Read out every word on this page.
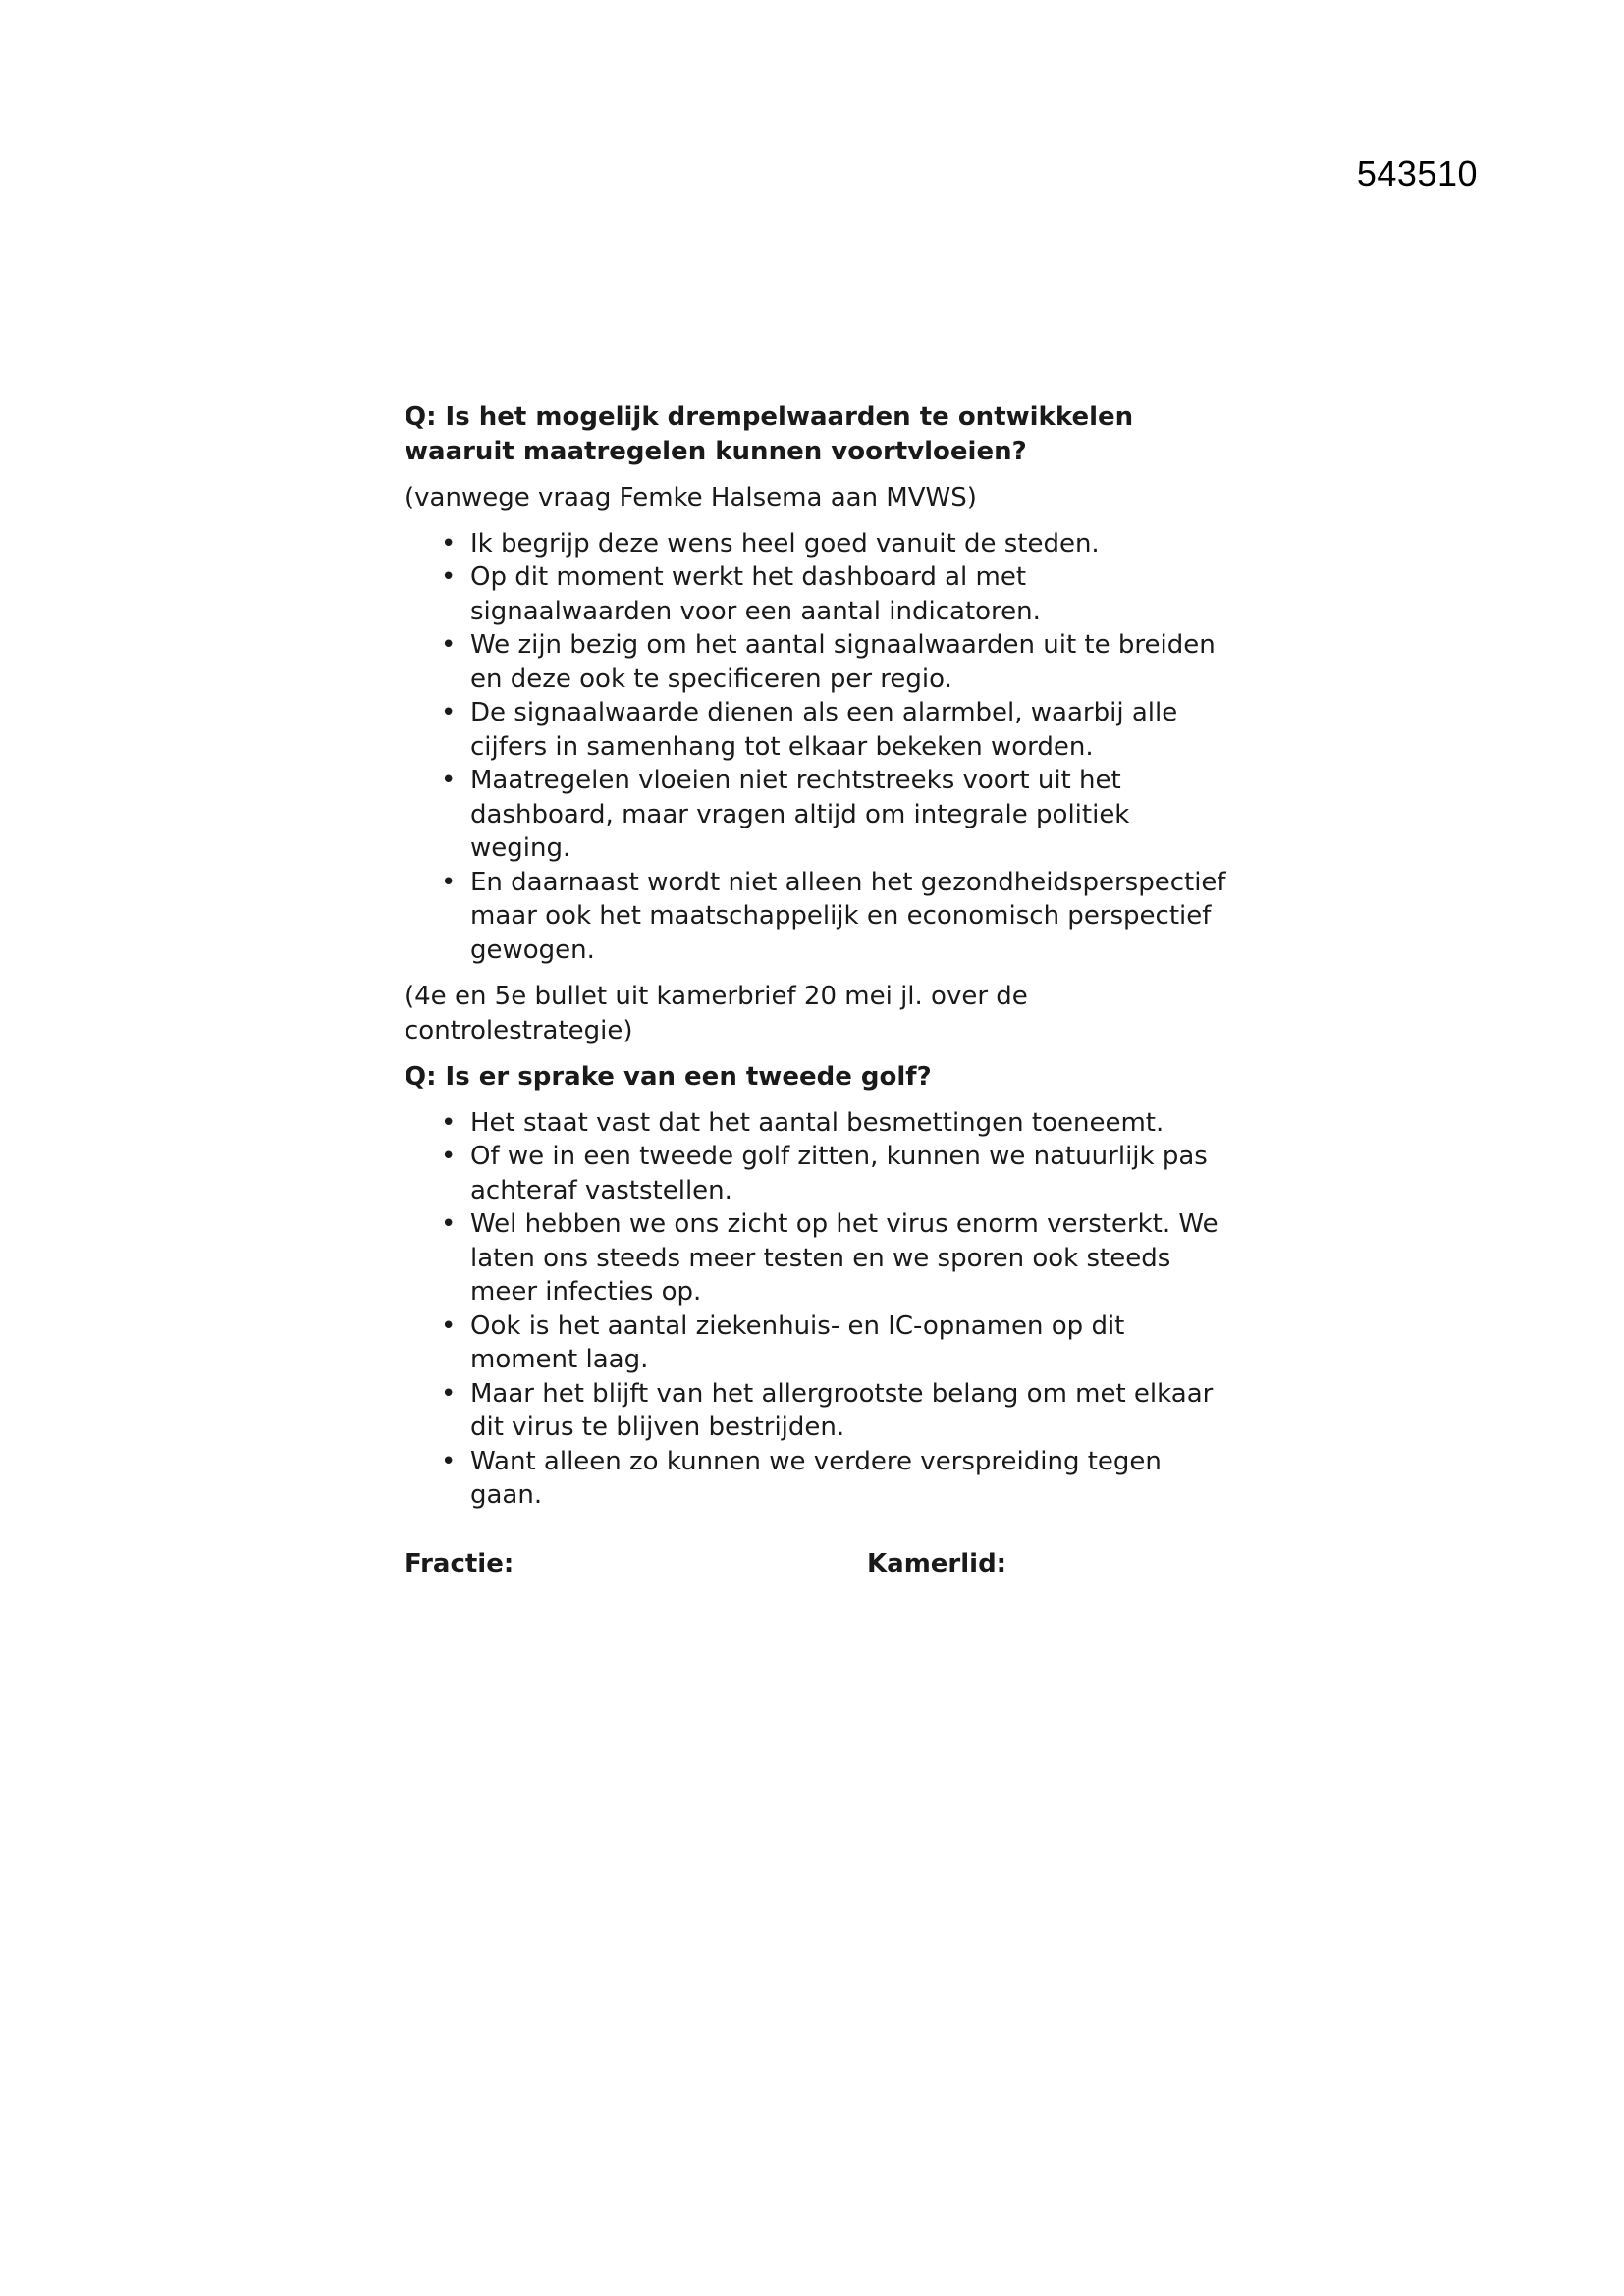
543510

Q: Is het mogelijk drempelwaarden te ontwikkelen
waaruit maatregelen kunnen voortvloeien?

(vanwege vraag Femke Halsema aan MVWS)

• Ik begrijp deze wens heel goed vanuit de steden.
• Op dit moment werkt het dashboard al met
signaalwaarden voor een aantal indicatoren.
• We zijn bezig om het aantal signaalwaarden uit te breiden
en deze ook te specificeren per regio.
• De signaalwaarde dienen als een alarmbel, waarbij alle
cijfers in samenhang tot elkaar bekeken worden.
• Maatregelen vloeien niet rechtstreeks voort uit het
dashboard, maar vragen altijd om integrale politiek
weging.
• En daarnaast wordt niet alleen het gezondheidsperspectief
maar ook het maatschappelijk en economisch perspectief
gewogen.

(4e en 5e bullet uit kamerbrief 20 mei jl. over de
controlestrategie)

Q: Is er sprake van een tweede golf?

• Het staat vast dat het aantal besmettingen toeneemt.
• Of we in een tweede golf zitten, kunnen we natuurlijk pas
achteraf vaststellen.
• Wel hebben we ons zicht op het virus enorm versterkt. We
laten ons steeds meer testen en we sporen ook steeds
meer infecties op.
• Ook is het aantal ziekenhuis- en IC-opnamen op dit
moment laag.
• Maar het blijft van het allergrootste belang om met elkaar
dit virus te blijven bestrijden.
• Want alleen zo kunnen we verdere verspreiding tegen
gaan.
Fractie:	Kamerlid:
